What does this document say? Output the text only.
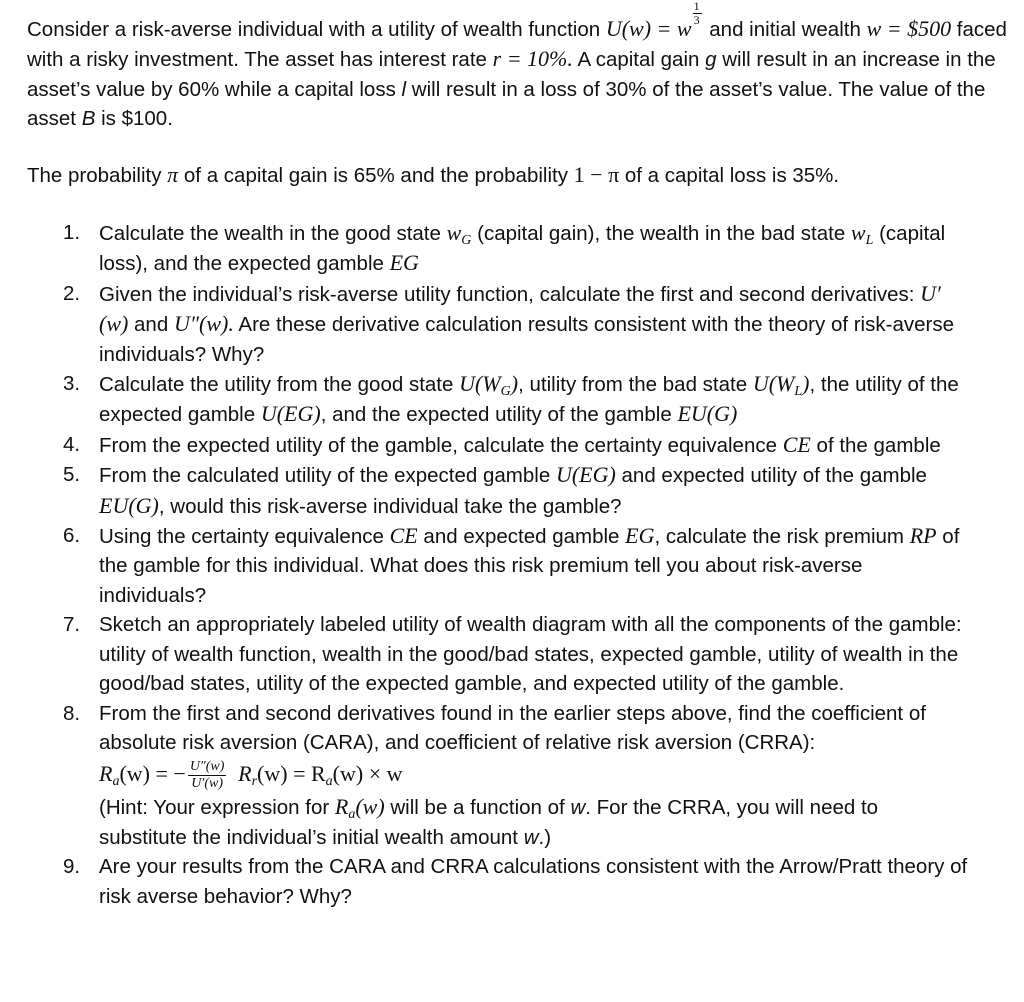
Consider a risk-averse individual with a utility of wealth function U(w) = w $\frac{1}{3}$ and initial wealth w = $500 faced with a risky investment. The asset has interest rate r = 10%. A capital gain g will result in an increase in the asset’s value by 60% while a capital loss l will result in a loss of 30% of the asset’s value. The value of the asset B is $100.

The probability π of a capital gain is 65% and the probability 1 − π of a capital loss is 35%.

1. Calculate the wealth in the good state $w_G$ (capital gain), the wealth in the bad state $w_L$ (capital loss), and the expected gamble EG
2. Given the individual’s risk-averse utility function, calculate the first and second derivatives: U′(w) and U″(w). Are these derivative calculation results consistent with the theory of risk-averse individuals? Why?
3. Calculate the utility from the good state $U(W_G)$, utility from the bad state $U(W_L)$, the utility of the expected gamble U(EG), and the expected utility of the gamble EU(G)
4. From the expected utility of the gamble, calculate the certainty equivalence CE of the gamble
5. From the calculated utility of the expected gamble U(EG) and expected utility of the gamble EU(G), would this risk-averse individual take the gamble?
6. Using the certainty equivalence CE and expected gamble EG, calculate the risk premium RP of the gamble for this individual. What does this risk premium tell you about risk-averse individuals?
7. Sketch an appropriately labeled utility of wealth diagram with all the components of the gamble: utility of wealth function, wealth in the good/bad states, expected gamble, utility of wealth in the good/bad states, utility of the expected gamble, and expected utility of the gamble.
8. From the first and second derivatives found in the earlier steps above, find the coefficient of absolute risk aversion (CARA), and coefficient of relative risk aversion (CRRA):
$R_a(w)$ = − $\frac{U''(w)}{U'(w)} R_r(w) = R_a(w) \times w$
(Hint: Your expression for $R_a(w)$ will be a function of w. For the CRRA, you will need to substitute the individual’s initial wealth amount w.)
9. Are your results from the CARA and CRRA calculations consistent with the Arrow/Pratt theory of risk averse behavior? Why?
